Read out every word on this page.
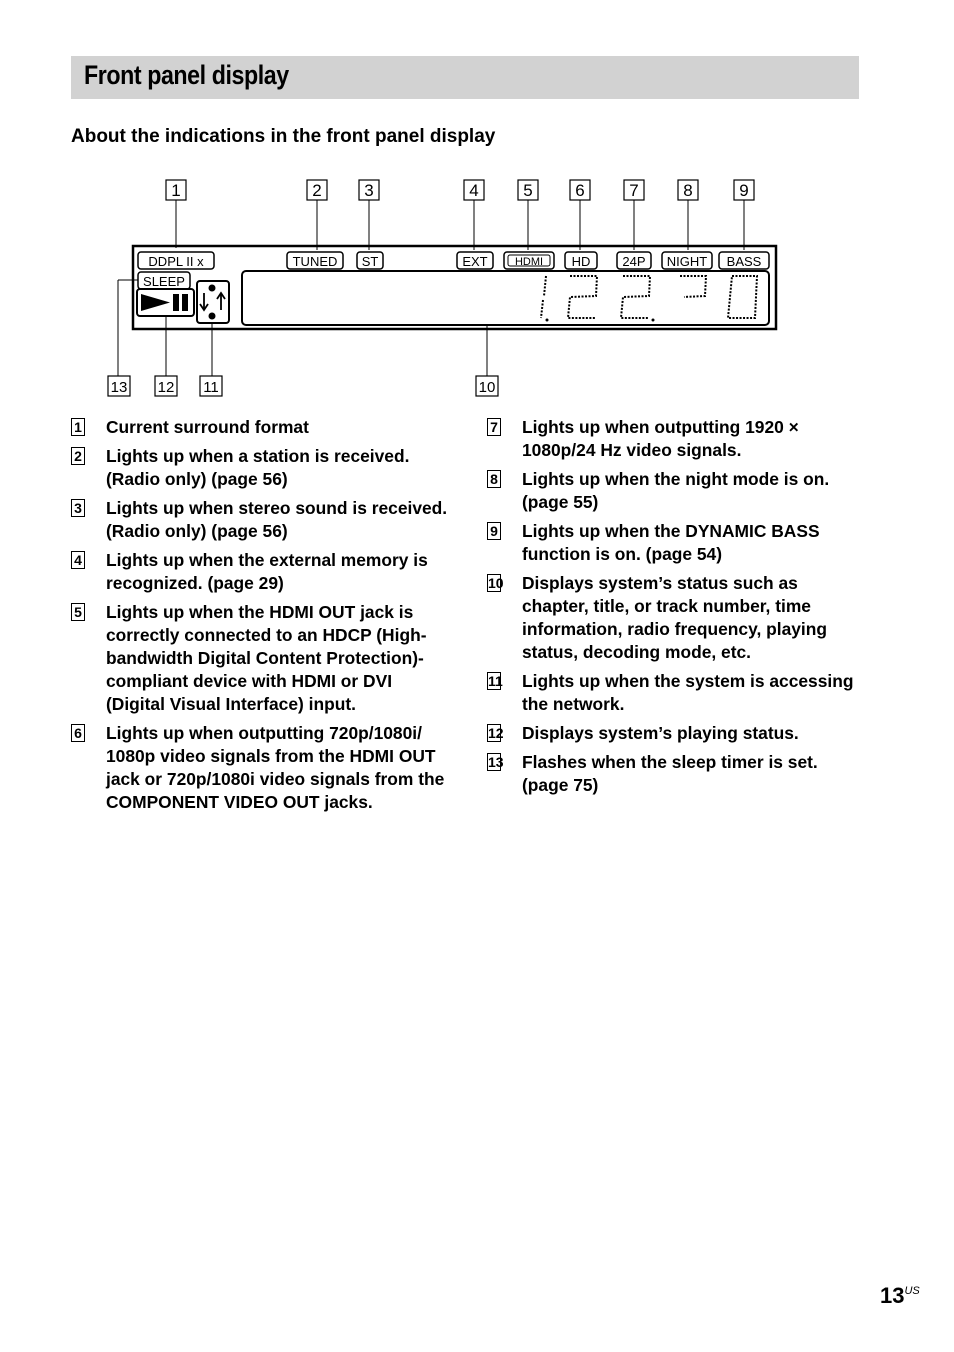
Front panel display
About the indications in the front panel display
1	2	3	4	5	6	7	8	9
DDPL II x
SLEEP
TUNED ST	EXT HDMI HD 24P NIGHT BASS
13 12 11	10
1 Current surround format
2 Lights up when a station is received. (Radio only) (page 56)
3 Lights up when stereo sound is received. (Radio only) (page 56)
4 Lights up when the external memory is recognized. (page 29)
5 Lights up when the HDMI OUT jack is correctly connected to an HDCP (High-bandwidth Digital Content Protection)-compliant device with HDMI or DVI (Digital Visual Interface) input.
6 Lights up when outputting 720p/1080i/ 1080p video signals from the HDMI OUT jack or 720p/1080i video signals from the COMPONENT VIDEO OUT jacks.
7 Lights up when outputting 1920 × 1080p/24 Hz video signals.
8 Lights up when the night mode is on. (page 55)
9 Lights up when the DYNAMIC BASS function is on. (page 54)
10 Displays system’s status such as chapter, title, or track number, time information, radio frequency, playing status, decoding mode, etc.
11 Lights up when the system is accessing the network.
12 Displays system’s playing status.
13 Flashes when the sleep timer is set. (page 75)
$13^{US}$
